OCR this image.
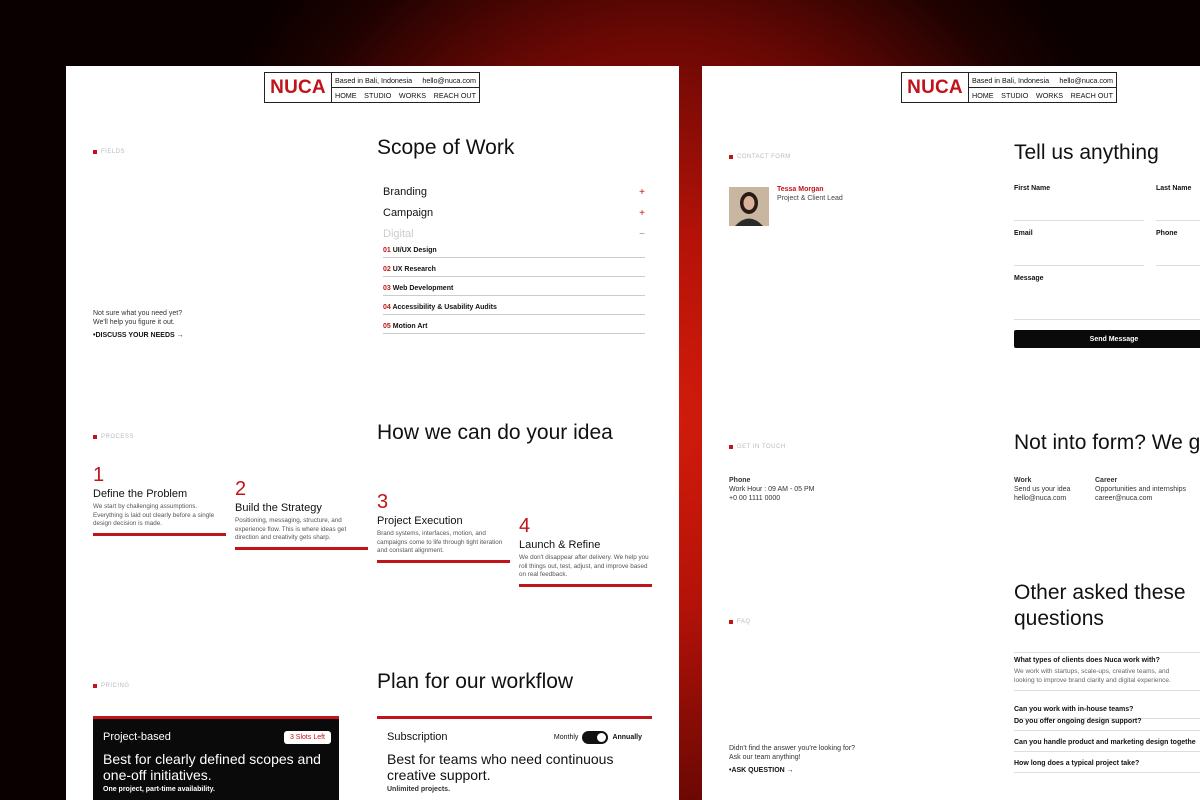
NUCA	Based in Bali, Indonesia hello@nuca.com
HOME STUDIO WORKS REACH OUT
FIELDS	Scope of Work
Branding	+
Campaign	+
Digital	−
01 UI/UX Design
02 UX Research
03 Web Development
04 Accessibility & Usability Audits
05 Motion Art
Not sure what you need yet?
We'll help you figure it out.
•DISCUSS YOUR NEEDS →
PROCESS	How we can do your idea
1
Define the Problem
We start by challenging assumptions. Everything is laid out clearly before a single design decision is made.
2
Build the Strategy
Positioning, messaging, structure, and experience flow. This is where ideas get direction and creativity gets sharp.
3
Project Execution
Brand systems, interfaces, motion, and campaigns come to life through tight iteration and constant alignment.
4
Launch & Refine
We don't disappear after delivery. We help you roll things out, test, adjust, and improve based on real feedback.
PRICING	Plan for our workflow
Project-based	3 Slots Left
Best for clearly defined scopes and one-off initiatives.
One project, part-time availability.
Subscription	Monthly	Annually
Best for teams who need continuous creative support.
Unlimited projects.
NUCA	Based in Bali, Indonesia hello@nuca.com
HOME STUDIO WORKS REACH OUT
CONTACT FORM	Tell us anything
Tessa Morgan
Project & Client Lead
First Name	Last Name
Email	Phone
Message
Send Message
GET IN TOUCH	Not into form? We g
Phone
Work Hour : 09 AM - 05 PM
+0 00 1111 0000
Work
Send us your idea
hello@nuca.com
Career
Opportunities and internships
career@nuca.com
FAQ
Other asked these
questions
What types of clients does Nuca work with?
We work with startups, scale-ups, creative teams, and
looking to improve brand clarity and digital experience.
Can you work with in-house teams?
Do you offer ongoing design support?
Can you handle product and marketing design togethe
How long does a typical project take?
Didn't find the answer you're looking for?
Ask our team anything!
•ASK QUESTION →
